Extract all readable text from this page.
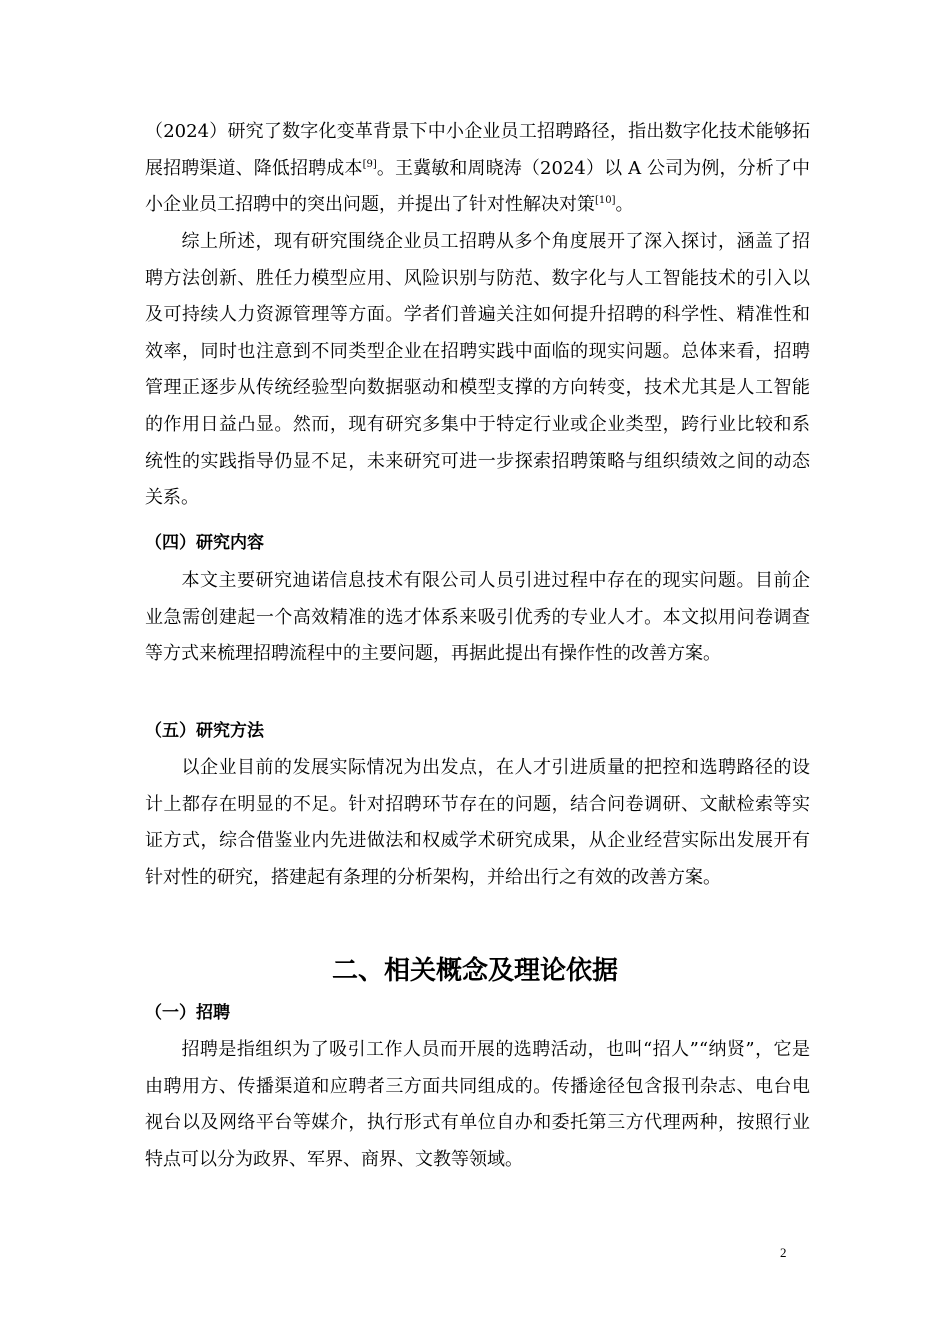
（2024）研究了数字化变革背景下中小企业员工招聘路径，指出数字化技术能够拓展招聘渠道、降低招聘成本[9]。王冀敏和周晓涛（2024）以 A 公司为例，分析了中小企业员工招聘中的突出问题，并提出了针对性解决对策[10]。

综上所述，现有研究围绕企业员工招聘从多个角度展开了深入探讨，涵盖了招聘方法创新、胜任力模型应用、风险识别与防范、数字化与人工智能技术的引入以及可持续人力资源管理等方面。学者们普遍关注如何提升招聘的科学性、精准性和效率，同时也注意到不同类型企业在招聘实践中面临的现实问题。总体来看，招聘管理正逐步从传统经验型向数据驱动和模型支撑的方向转变，技术尤其是人工智能的作用日益凸显。然而，现有研究多集中于特定行业或企业类型，跨行业比较和系统性的实践指导仍显不足，未来研究可进一步探索招聘策略与组织绩效之间的动态关系。

（四）研究内容

本文主要研究迪诺信息技术有限公司人员引进过程中存在的现实问题。目前企业急需创建起一个高效精准的选才体系来吸引优秀的专业人才。本文拟用问卷调查等方式来梳理招聘流程中的主要问题，再据此提出有操作性的改善方案。

（五）研究方法

以企业目前的发展实际情况为出发点，在人才引进质量的把控和选聘路径的设计上都存在明显的不足。针对招聘环节存在的问题，结合问卷调研、文献检索等实证方式，综合借鉴业内先进做法和权威学术研究成果，从企业经营实际出发展开有针对性的研究，搭建起有条理的分析架构，并给出行之有效的改善方案。

二、相关概念及理论依据
（一）招聘

招聘是指组织为了吸引工作人员而开展的选聘活动，也叫“招人”“纳贤”，它是由聘用方、传播渠道和应聘者三方面共同组成的。传播途径包含报刊杂志、电台电视台以及网络平台等媒介，执行形式有单位自办和委托第三方代理两种，按照行业特点可以分为政界、军界、商界、文教等领域。

2
